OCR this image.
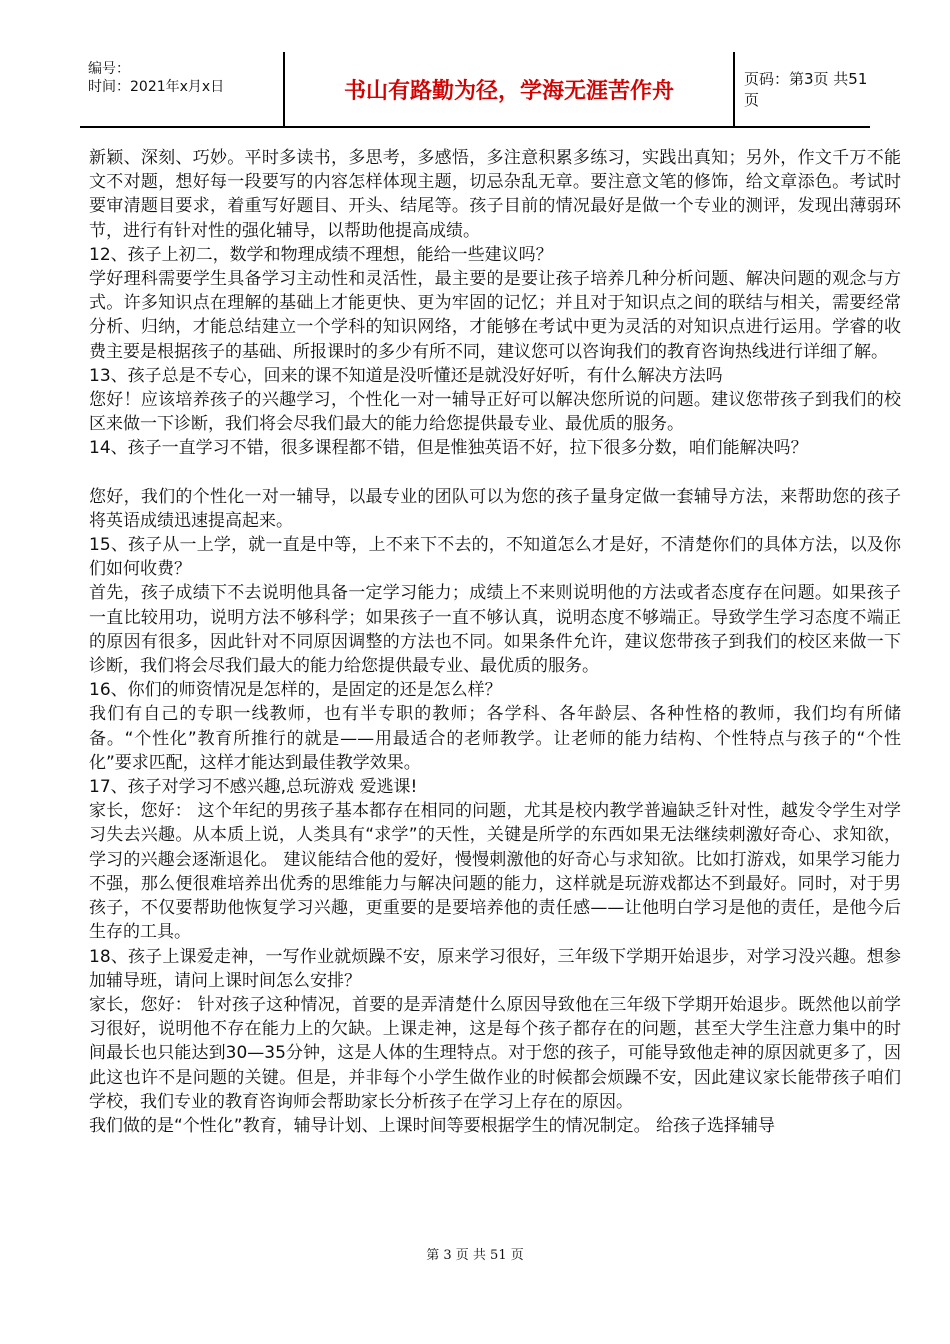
编号：
时间：2021年x月x日	书山有路勤为径，学海无涯苦作舟	页码：第3页 共51页

新颖、深刻、巧妙。平时多读书，多思考，多感悟，多注意积累多练习，实践出真知；另外，作文千万不能文不对题，想好每一段要写的内容怎样体现主题，切忌杂乱无章。要注意文笔的修饰，给文章添色。考试时要审清题目要求，着重写好题目、开头、结尾等。孩子目前的情况最好是做一个专业的测评，发现出薄弱环节，进行有针对性的强化辅导，以帮助他提高成绩。

12、孩子上初二，数学和物理成绩不理想，能给一些建议吗？

学好理科需要学生具备学习主动性和灵活性，最主要的是要让孩子培养几种分析问题、解决问题的观念与方式。许多知识点在理解的基础上才能更快、更为牢固的记忆；并且对于知识点之间的联结与相关，需要经常分析、归纳，才能总结建立一个学科的知识网络，才能够在考试中更为灵活的对知识点进行运用。学睿的收费主要是根据孩子的基础、所报课时的多少有所不同，建议您可以咨询我们的教育咨询热线进行详细了解。

13、孩子总是不专心，回来的课不知道是没听懂还是就没好好听，有什么解决方法吗

您好！应该培养孩子的兴趣学习，个性化一对一辅导正好可以解决您所说的问题。建议您带孩子到我们的校区来做一下诊断，我们将会尽我们最大的能力给您提供最专业、最优质的服务。

14、孩子一直学习不错，很多课程都不错，但是惟独英语不好，拉下很多分数，咱们能解决吗？

您好，我们的个性化一对一辅导，以最专业的团队可以为您的孩子量身定做一套辅导方法，来帮助您的孩子将英语成绩迅速提高起来。

15、孩子从一上学，就一直是中等，上不来下不去的，不知道怎么才是好，不清楚你们的具体方法，以及你们如何收费？

首先，孩子成绩下不去说明他具备一定学习能力；成绩上不来则说明他的方法或者态度存在问题。如果孩子一直比较用功，说明方法不够科学；如果孩子一直不够认真，说明态度不够端正。导致学生学习态度不端正的原因有很多，因此针对不同原因调整的方法也不同。如果条件允许，建议您带孩子到我们的校区来做一下诊断，我们将会尽我们最大的能力给您提供最专业、最优质的服务。

16、你们的师资情况是怎样的，是固定的还是怎么样？

我们有自己的专职一线教师，也有半专职的教师；各学科、各年龄层、各种性格的教师，我们均有所储备。“个性化”教育所推行的就是——用最适合的老师教学。让老师的能力结构、个性特点与孩子的“个性化”要求匹配，这样才能达到最佳教学效果。

17、孩子对学习不感兴趣,总玩游戏 爱逃课!

家长，您好： 这个年纪的男孩子基本都存在相同的问题，尤其是校内教学普遍缺乏针对性，越发令学生对学习失去兴趣。从本质上说，人类具有“求学”的天性，关键是所学的东西如果无法继续刺激好奇心、求知欲，学习的兴趣会逐渐退化。 建议能结合他的爱好，慢慢刺激他的好奇心与求知欲。比如打游戏，如果学习能力不强，那么便很难培养出优秀的思维能力与解决问题的能力，这样就是玩游戏都达不到最好。同时，对于男孩子，不仅要帮助他恢复学习兴趣，更重要的是要培养他的责任感——让他明白学习是他的责任，是他今后生存的工具。

18、孩子上课爱走神，一写作业就烦躁不安，原来学习很好，三年级下学期开始退步，对学习没兴趣。想参加辅导班，请问上课时间怎么安排？

家长，您好： 针对孩子这种情况，首要的是弄清楚什么原因导致他在三年级下学期开始退步。既然他以前学习很好，说明他不存在能力上的欠缺。上课走神，这是每个孩子都存在的问题，甚至大学生注意力集中的时间最长也只能达到30—35分钟，这是人体的生理特点。对于您的孩子，可能导致他走神的原因就更多了，因此这也许不是问题的关键。但是，并非每个小学生做作业的时候都会烦躁不安，因此建议家长能带孩子咱们学校，我们专业的教育咨询师会帮助家长分析孩子在学习上存在的原因。

我们做的是“个性化”教育，辅导计划、上课时间等要根据学生的情况制定。 给孩子选择辅导

第 3 页 共 51 页
